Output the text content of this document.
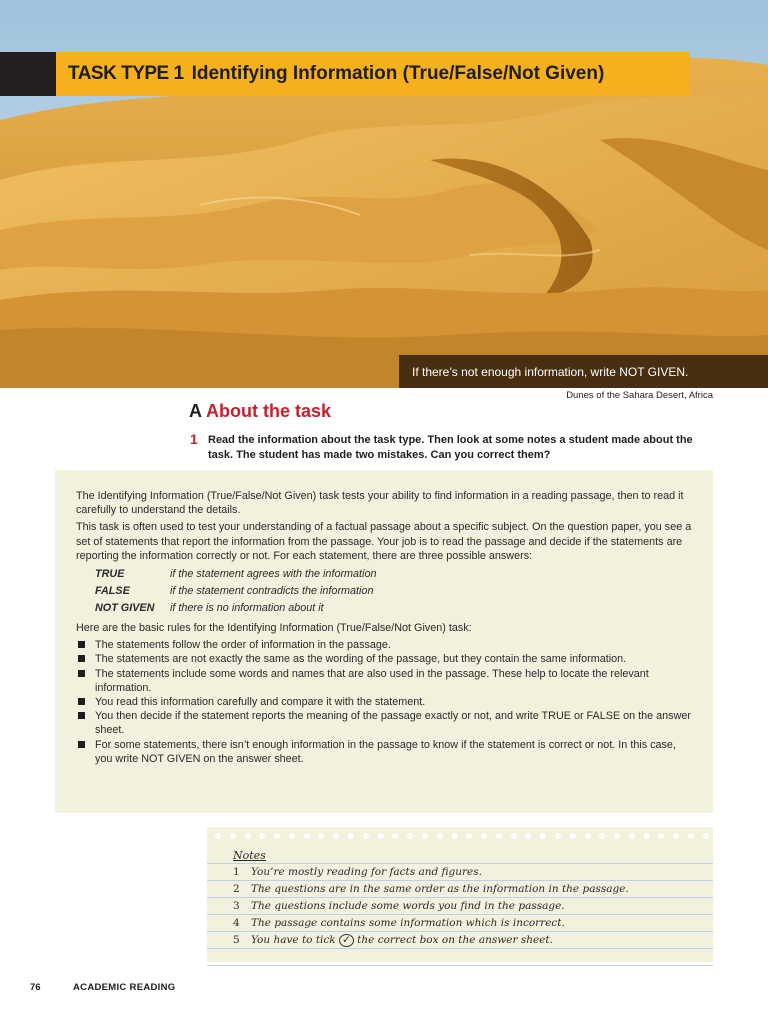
TASK TYPE 1 Identifying Information (True/False/Not Given)
If there’s not enough information, write NOT GIVEN.
Dunes of the Sahara Desert, Africa
A About the task
1 Read the information about the task type. Then look at some notes a student made about the task. The student has made two mistakes. Can you correct them?

The Identifying Information (True/False/Not Given) task tests your ability to find information in a reading passage, then to read it carefully to understand the details.

This task is often used to test your understanding of a factual passage about a specific subject. On the question paper, you see a set of statements that report the information from the passage. Your job is to read the passage and decide if the statements are reporting the information correctly or not. For each statement, there are three possible answers:

TRUE	if the statement agrees with the information
FALSE	if the statement contradicts the information
NOT GIVEN	if there is no information about it

Here are the basic rules for the Identifying Information (True/False/Not Given) task:

The statements follow the order of information in the passage.
The statements are not exactly the same as the wording of the passage, but they contain the same information.
The statements include some words and names that are also used in the passage. These help to locate the relevant information.
You read this information carefully and compare it with the statement.
You then decide if the statement reports the meaning of the passage exactly or not, and write TRUE or FALSE on the answer sheet.
For some statements, there isn’t enough information in the passage to know if the statement is correct or not. In this case, you write NOT GIVEN on the answer sheet.
Notes
1	You’re mostly reading for facts and figures.
2	The questions are in the same order as the information in the passage.
3	The questions include some words you find in the passage.
4	The passage contains some information which is incorrect.
5	You have to tick
✓
the correct box on the answer sheet.
76	ACADEMIC READING
